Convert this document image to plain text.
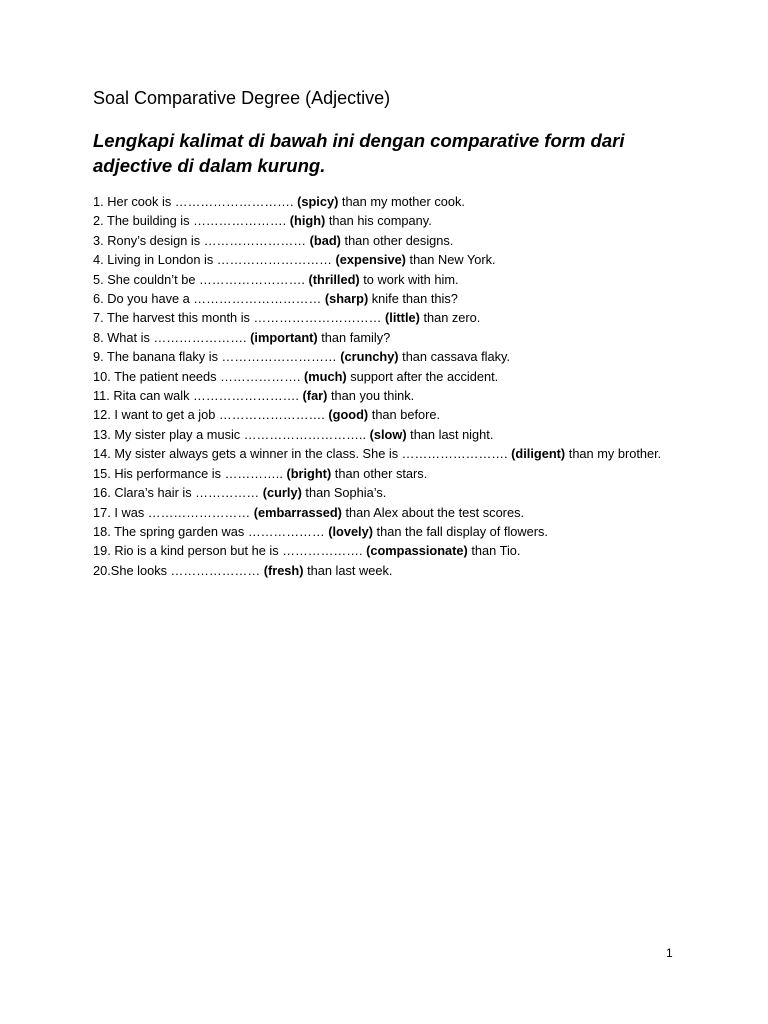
Soal Comparative Degree (Adjective)

Lengkapi kalimat di bawah ini dengan comparative form dari adjective di dalam kurung.

1. Her cook is ………………………. (spicy) than my mother cook.
2. The building is …………………. (high) than his company.
3. Rony’s design is …………………… (bad) than other designs.
4. Living in London is ……………………… (expensive) than New York.
5. She couldn’t be ……………………. (thrilled) to work with him.
6. Do you have a ………………………… (sharp) knife than this?
7. The harvest this month is ………………………… (little) than zero.
8. What is …………………. (important) than family?
9. The banana flaky is ……………………… (crunchy) than cassava flaky.
10. The patient needs ………………. (much) support after the accident.
11. Rita can walk ……………………. (far) than you think.
12. I want to get a job ……………………. (good) than before.
13. My sister play a music ……………………….. (slow) than last night.
14. My sister always gets a winner in the class. She is ……………………. (diligent) than my brother.
15. His performance is ………….. (bright) than other stars.
16. Clara’s hair is …………… (curly) than Sophia’s.
17. I was …………………… (embarrassed) than Alex about the test scores.
18. The spring garden was ……………… (lovely) than the fall display of flowers.
19. Rio is a kind person but he is ………………. (compassionate) than Tio.
20.She looks ………………… (fresh) than last week.
1
